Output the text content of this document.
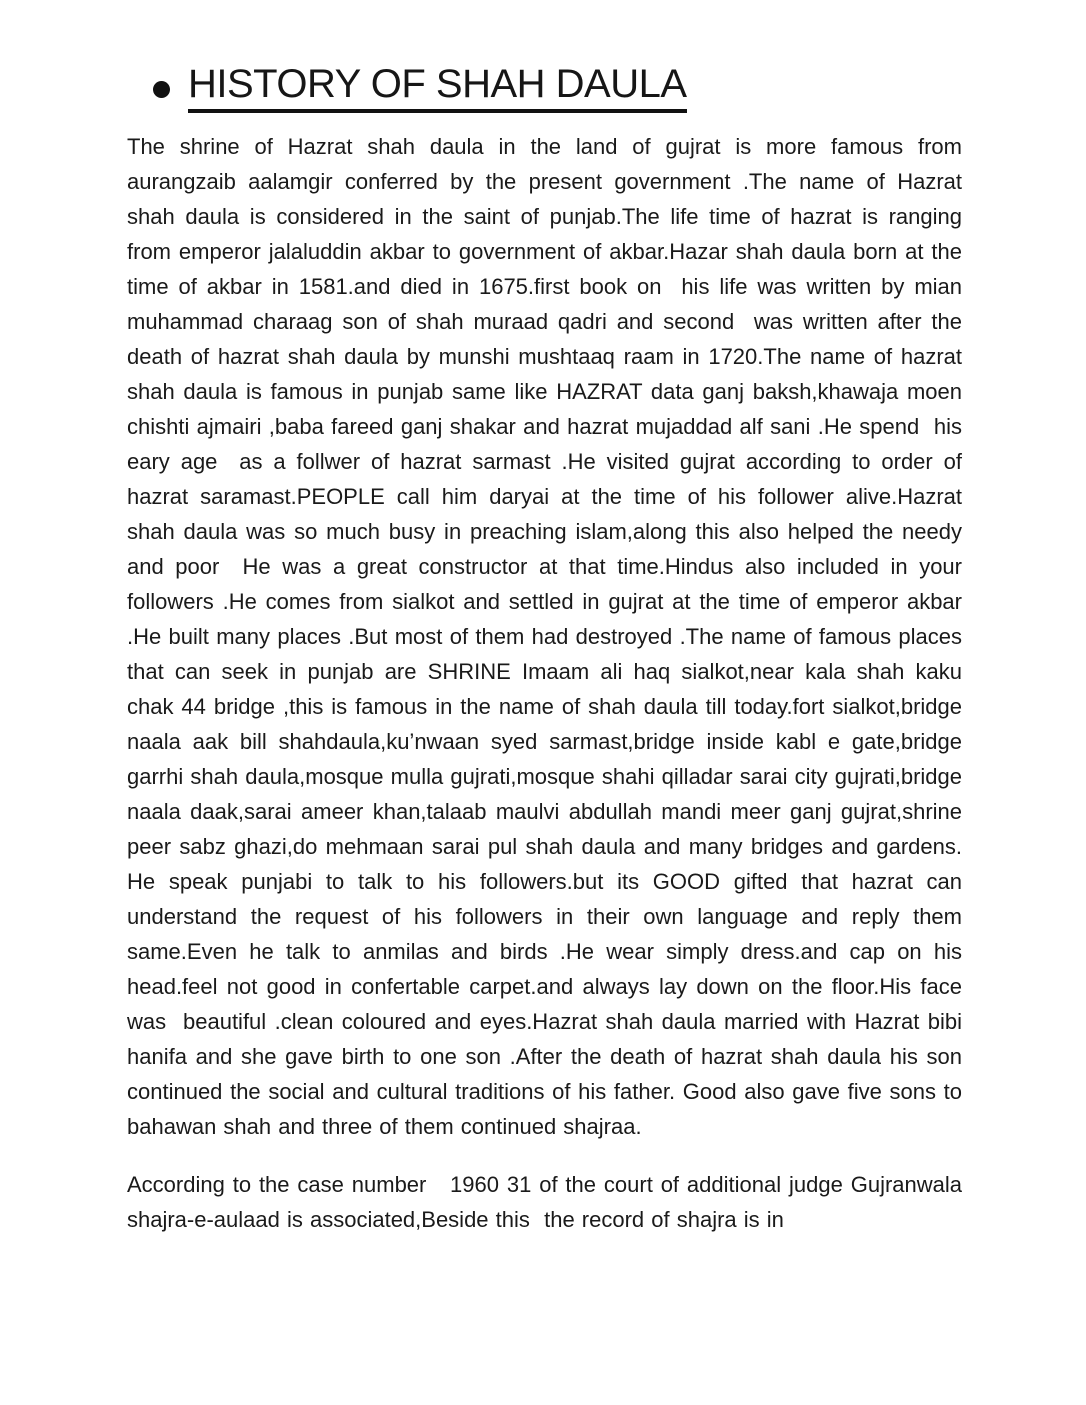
HISTORY OF SHAH DAULA

The shrine of Hazrat shah daula in the land of gujrat is more famous from aurangzaib aalamgir conferred by the present government .The name of Hazrat shah daula is considered in the saint of punjab.The life time of hazrat is ranging from emperor jalaluddin akbar to government of akbar.Hazar shah daula born at the time of akbar in 1581.and died in 1675.first book on  his life was written by mian muhammad charaag son of shah muraad qadri and second  was written after the death of hazrat shah daula by munshi mushtaaq raam in 1720.The name of hazrat shah daula is famous in punjab same like HAZRAT data ganj baksh,khawaja moen chishti ajmairi ,baba fareed ganj shakar and hazrat mujaddad alf sani .He spend  his eary age  as a follwer of hazrat sarmast .He visited gujrat according to order of hazrat saramast.PEOPLE call him daryai at the time of his follower alive.Hazrat shah daula was so much busy in preaching islam,along this also helped the needy and poor  He was a great constructor at that time.Hindus also included in your followers .He comes from sialkot and settled in gujrat at the time of emperor akbar .He built many places .But most of them had destroyed .The name of famous places that can seek in punjab are SHRINE Imaam ali haq sialkot,near kala shah kaku chak 44 bridge ,this is famous in the name of shah daula till today.fort sialkot,bridge naala aak bill shahdaula,ku’nwaan syed sarmast,bridge inside kabl e gate,bridge garrhi shah daula,mosque mulla gujrati,mosque shahi qilladar sarai city gujrati,bridge naala daak,sarai ameer khan,talaab maulvi abdullah mandi meer ganj gujrat,shrine peer sabz ghazi,do mehmaan sarai pul shah daula and many bridges and gardens. He speak punjabi to talk to his followers.but its GOOD gifted that hazrat can understand the request of his followers in their own language and reply them same.Even he talk to anmilas and birds .He wear simply dress.and cap on his head.feel not good in confertable carpet.and always lay down on the floor.His face was  beautiful .clean coloured and eyes.Hazrat shah daula married with Hazrat bibi hanifa and she gave birth to one son .After the death of hazrat shah daula his son continued the social and cultural traditions of his father. Good also gave five sons to bahawan shah and three of them continued shajraa.

According to the case number   1960 31 of the court of additional judge Gujranwala  shajra-e-aulaad is associated,Beside this  the record of shajra is in
